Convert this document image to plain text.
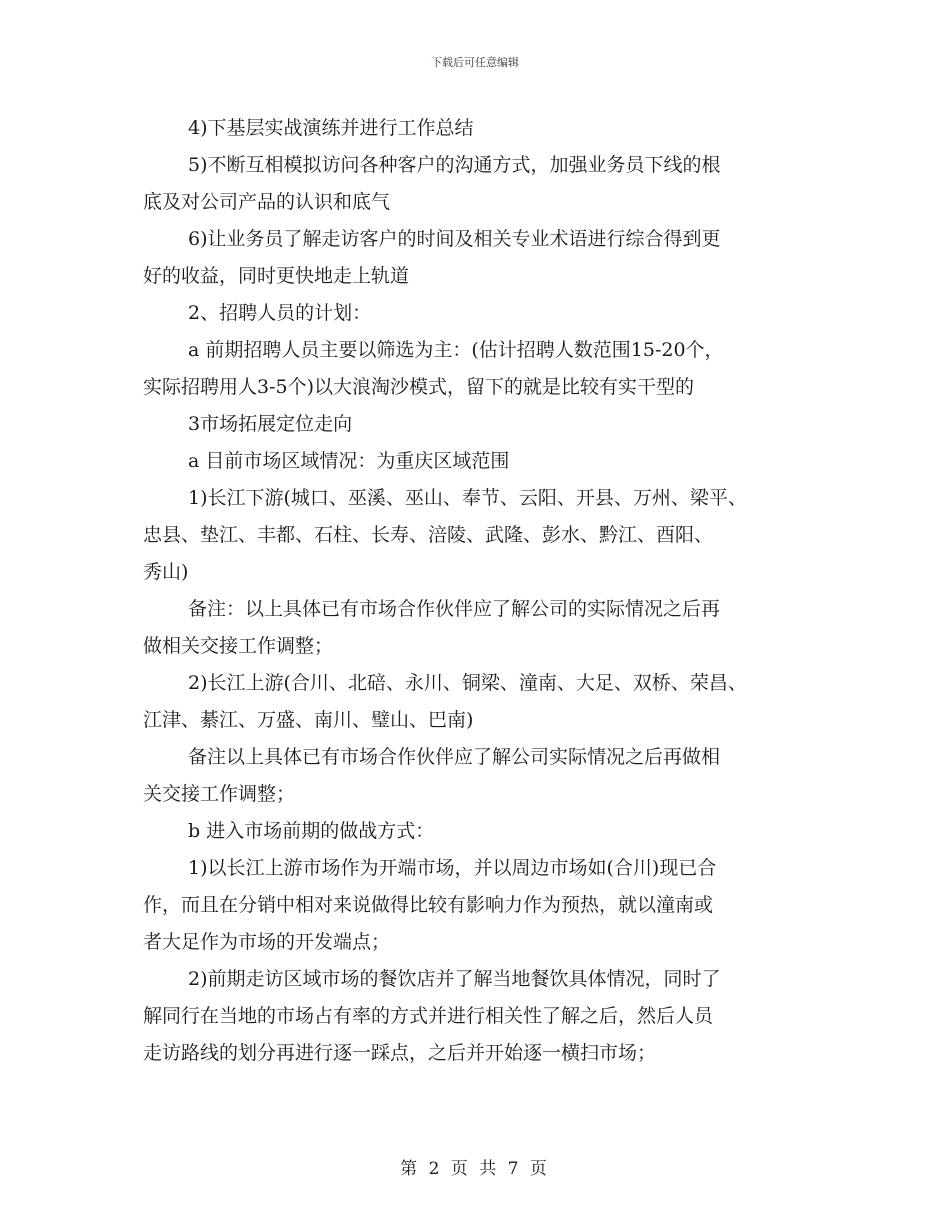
下载后可任意编辑
4)下基层实战演练并进行工作总结
5)不断互相模拟访问各种客户的沟通方式，加强业务员下线的根
底及对公司产品的认识和底气
6)让业务员了解走访客户的时间及相关专业术语进行综合得到更
好的收益，同时更快地走上轨道
2、招聘人员的计划：
a 前期招聘人员主要以筛选为主：(估计招聘人数范围15-20个，
实际招聘用人3-5个)以大浪淘沙模式，留下的就是比较有实干型的
3市场拓展定位走向
a 目前市场区域情况：为重庆区域范围
1)长江下游(城口、巫溪、巫山、奉节、云阳、开县、万州、梁平、
忠县、垫江、丰都、石柱、长寿、涪陵、武隆、彭水、黔江、酉阳、
秀山)
备注：以上具体已有市场合作伙伴应了解公司的实际情况之后再
做相关交接工作调整；
2)长江上游(合川、北碚、永川、铜梁、潼南、大足、双桥、荣昌、
江津、綦江、万盛、南川、璧山、巴南)
备注以上具体已有市场合作伙伴应了解公司实际情况之后再做相
关交接工作调整；
b 进入市场前期的做战方式：
1)以长江上游市场作为开端市场，并以周边市场如(合川)现已合
作，而且在分销中相对来说做得比较有影响力作为预热，就以潼南或
者大足作为市场的开发端点；
2)前期走访区域市场的餐饮店并了解当地餐饮具体情况，同时了
解同行在当地的市场占有率的方式并进行相关性了解之后，然后人员
走访路线的划分再进行逐一踩点，之后并开始逐一横扫市场；
第 2 页 共 7 页
